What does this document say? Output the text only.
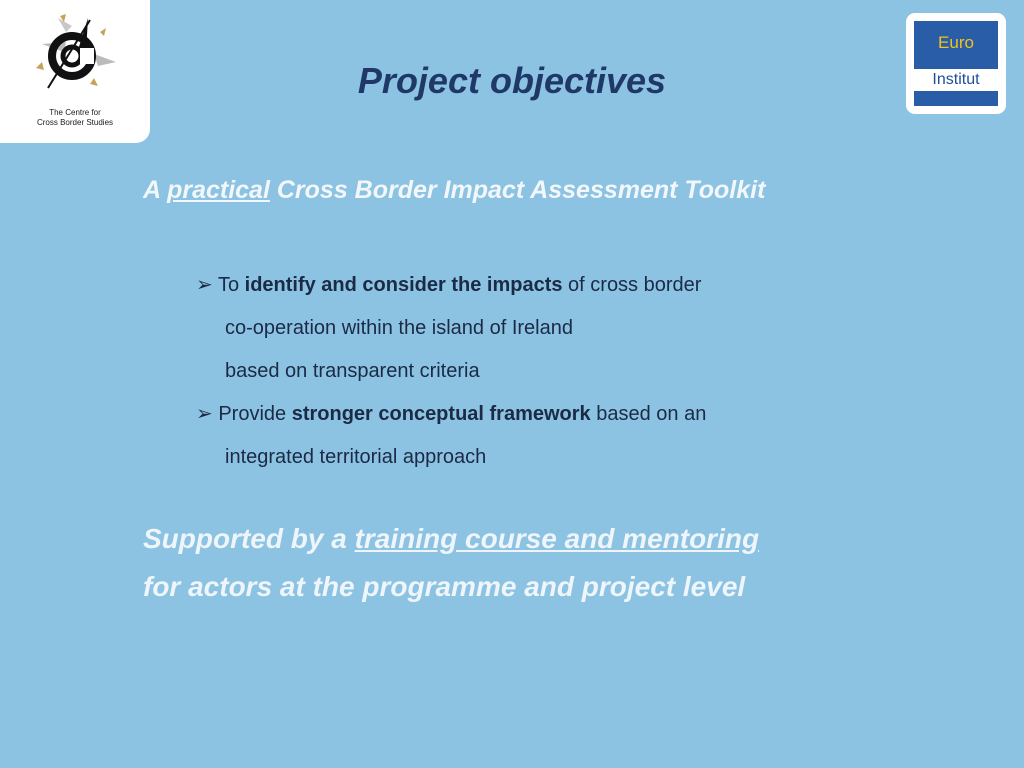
The Centre for
Cross Border Studies
Euro
Institut
Project objectives
A practical Cross Border Impact Assessment Toolkit
➢ To identify and consider the impacts of cross border
co-operation within the island of Ireland
based on transparent criteria
➢ Provide stronger conceptual framework based on an
integrated territorial approach
Supported by a training course and mentoring
for actors at the programme and project level
